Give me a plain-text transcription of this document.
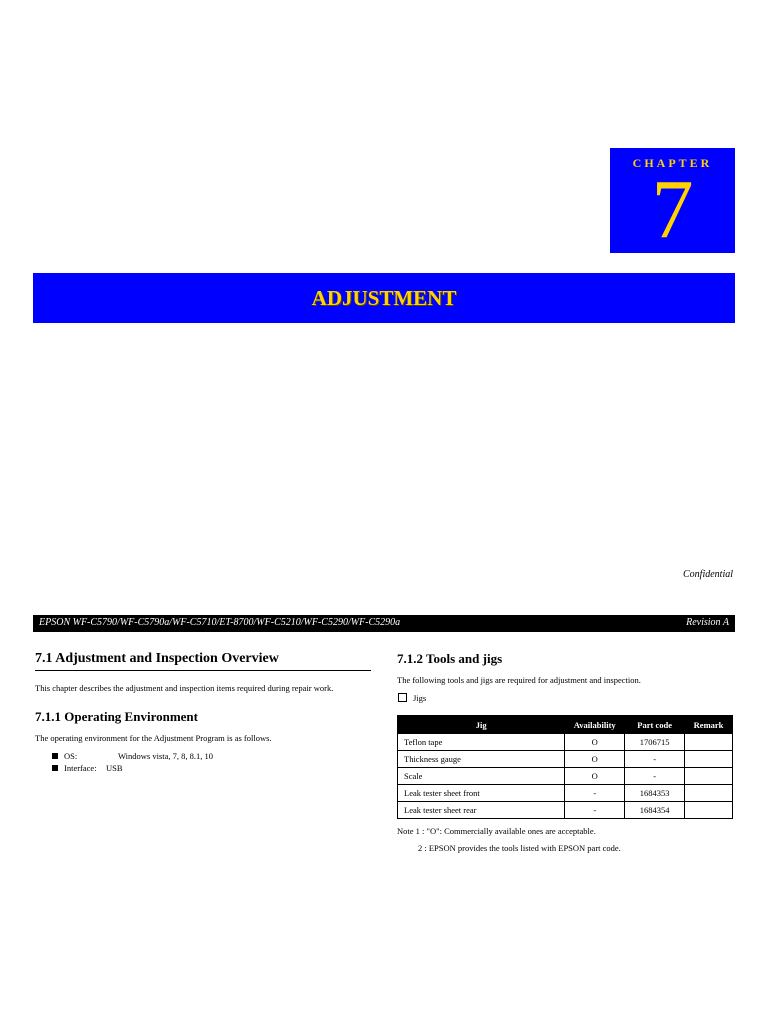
CHAPTER
7
ADJUSTMENT
Confidential
EPSON WF-C5790/WF-C5790a/WF-C5710/ET-8700/WF-C5210/WF-C5290/WF-C5290a	Revision A
7.1 Adjustment and Inspection Overview
This chapter describes the adjustment and inspection items required during repair work.
7.1.1 Operating Environment
The operating environment for the Adjustment Program is as follows.
OS:	Windows vista, 7, 8, 8.1, 10
Interface: USB
7.1.2 Tools and jigs
The following tools and jigs are required for adjustment and inspection.
Jigs
Jig	Availability	Part code	Remark
Teflon tape	O	1706715	
Thickness gauge	O	-	
Scale	O	-	
Leak tester sheet front	-	1684353	
Leak tester sheet rear	-	1684354	
Note 1 : "O": Commercially available ones are acceptable.
2 : EPSON provides the tools listed with EPSON part code.
